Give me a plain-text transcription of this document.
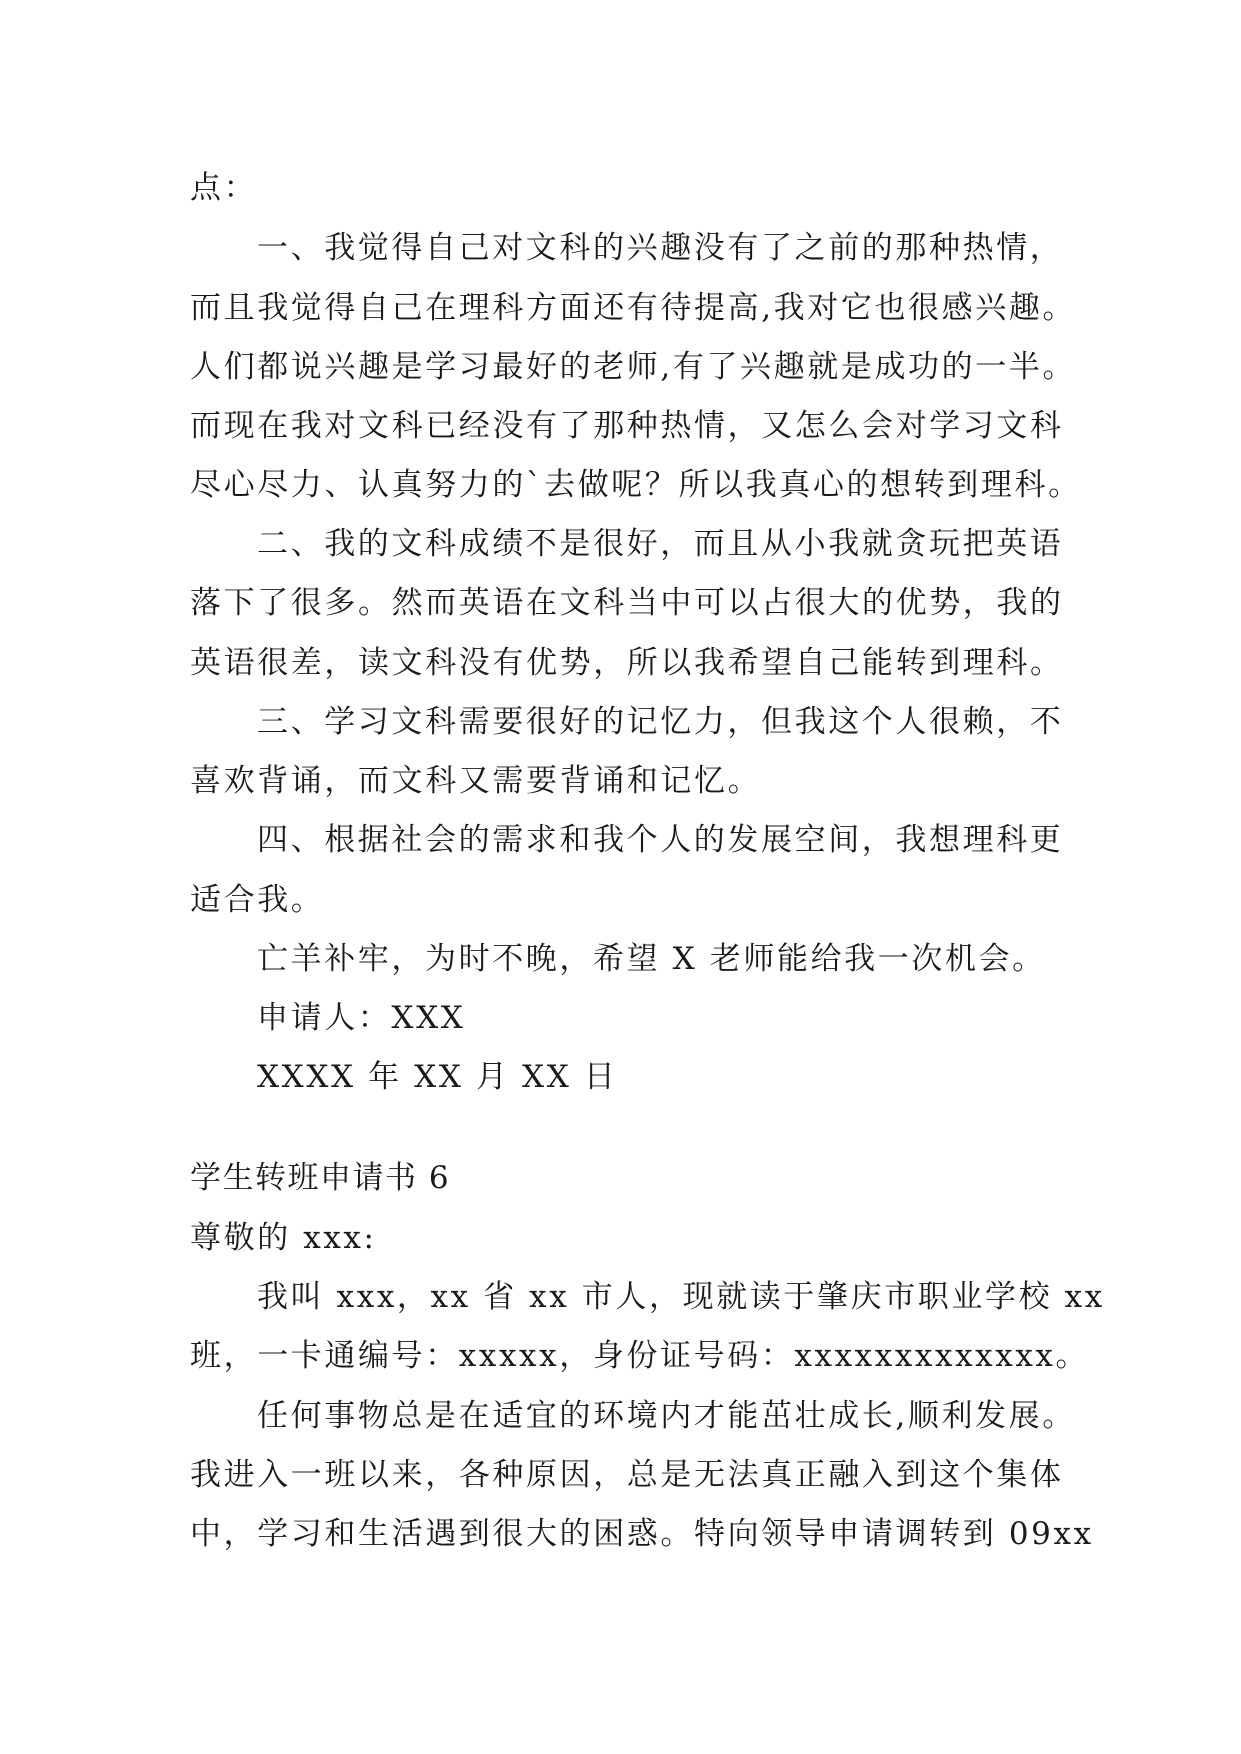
点：
一、我觉得自己对文科的兴趣没有了之前的那种热情，
而且我觉得自己在理科方面还有待提高,我对它也很感兴趣。
人们都说兴趣是学习最好的老师,有了兴趣就是成功的一半。
而现在我对文科已经没有了那种热情，又怎么会对学习文科
尽心尽力、认真努力的`去做呢？所以我真心的想转到理科。
二、我的文科成绩不是很好，而且从小我就贪玩把英语
落下了很多。然而英语在文科当中可以占很大的优势，我的
英语很差，读文科没有优势，所以我希望自己能转到理科。
三、学习文科需要很好的记忆力，但我这个人很赖，不
喜欢背诵，而文科又需要背诵和记忆。
四、根据社会的需求和我个人的发展空间，我想理科更
适合我。
亡羊补牢，为时不晚，希望 X 老师能给我一次机会。
申请人：XXX
XXXX 年 XX 月 XX 日
学生转班申请书 6
尊敬的 xxx:
我叫 xxx，xx 省 xx 市人，现就读于肇庆市职业学校 xx
班，一卡通编号：xxxxx，身份证号码：xxxxxxxxxxxxx。
任何事物总是在适宜的环境内才能茁壮成长,顺利发展。
我进入一班以来，各种原因，总是无法真正融入到这个集体
中，学习和生活遇到很大的困惑。特向领导申请调转到 09xx
